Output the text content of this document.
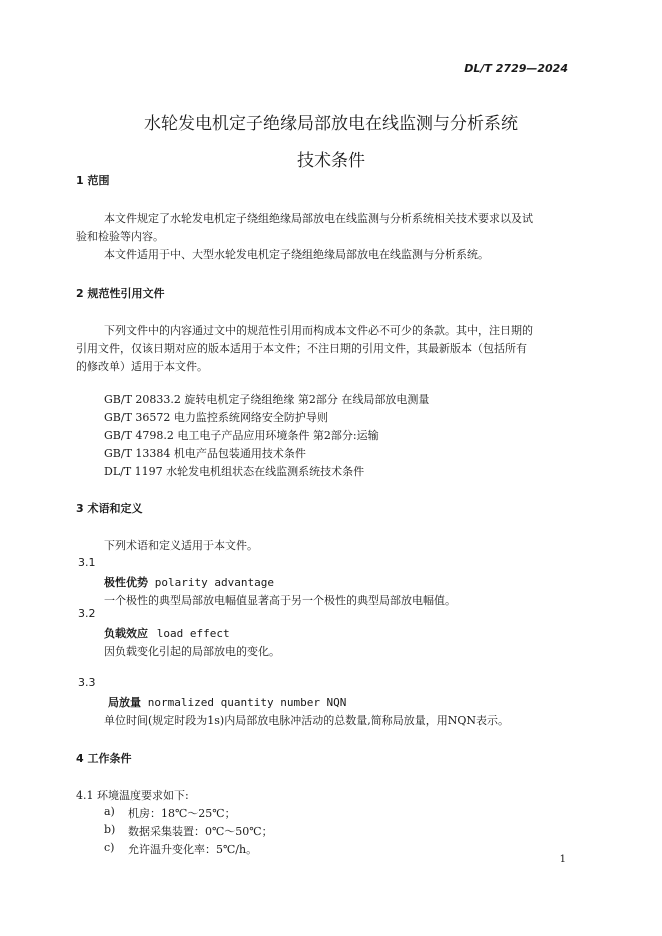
DL/T 2729—2024
水轮发电机定子绝缘局部放电在线监测与分析系统
技术条件
1 范围
本文件规定了水轮发电机定子绕组绝缘局部放电在线监测与分析系统相关技术要求以及试
验和检验等内容。
本文件适用于中、大型水轮发电机定子绕组绝缘局部放电在线监测与分析系统。
2 规范性引用文件
下列文件中的内容通过文中的规范性引用而构成本文件必不可少的条款。其中，注日期的
引用文件，仅该日期对应的版本适用于本文件；不注日期的引用文件，其最新版本（包括所有
的修改单）适用于本文件。
GB/T 20833.2 旋转电机定子绕组绝缘 第2部分 在线局部放电测量
GB/T 36572 电力监控系统网络安全防护导则
GB/T 4798.2 电工电子产品应用环境条件 第2部分:运输
GB/T 13384 机电产品包装通用技术条件
DL/T 1197 水轮发电机组状态在线监测系统技术条件
3 术语和定义
下列术语和定义适用于本文件。
3.1
极性优势 polarity advantage
一个极性的典型局部放电幅值显著高于另一个极性的典型局部放电幅值。
3.2
负载效应 load effect
因负载变化引起的局部放电的变化。
3.3
局放量 normalized quantity number NQN
单位时间(规定时段为1s)内局部放电脉冲活动的总数量,简称局放量，用NQN表示。
4 工作条件
4.1 环境温度要求如下:
a) 机房：18℃～25℃；
b) 数据采集装置：0℃～50℃；
c) 允许温升变化率：5℃/h。
1
